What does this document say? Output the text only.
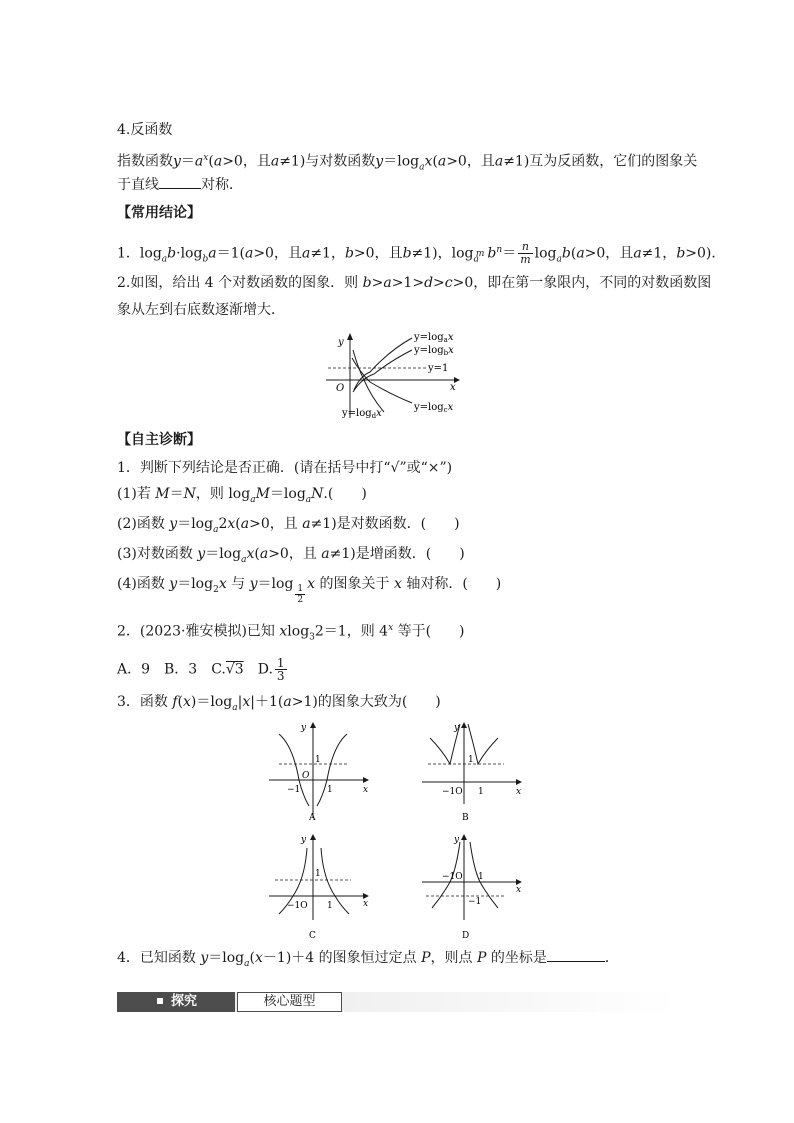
4.反函数
指数函数$y=a^x(a>0$，且a≠1)与对数函数$y=\log_ax(a>0$，且a≠1)互为反函数，它们的图象关
于直线	对称．
【常用结论】
1．$\log_ab\cdot\log_ba=1(a>0$，且a≠1，b>0，且b≠1)，$\log_a^m b^n= \frac{n}{m} \log_ab(a>0$，且a≠1，b>0)．
2.如图，给出 4 个对数函数的图象．则 b>a>1>d>c>0，即在第一象限内，不同的对数函数图
象从左到右底数逐渐增大．
y
x
O
$y=\log_ax$
$y=\log_bx$
y=1
$y=\log_cx$
$y=\log_dx$
【自主诊断】
1．判断下列结论是否正确．(请在括号中打“√”或“×”)
(1)若 M＝N，则 $\log_aM=\log_aN$.(　　)
(2)函数 $y=\log_a2x(a>0$，且 a≠1)是对数函数．(　　)
(3)对数函数 $y=\log_ax(a>0$，且 a≠1)是增函数．(　　)
(4)函数 $y=\log_2x$ 与 $y=\log \frac{1}{2}$ x 的图象关于 x 轴对称．(　　)
2．(2023·雅安模拟)已知 xlog$_3$2＝1，则 4$^x$ 等于(　　)
A．9　B．3　C.√3　D. $\frac{1}{3}$
3．函数 $f(x)=\log_a|x|+1(a>1)$的图象大致为(　　)
y
x
1
O
−1	1
A
y
x
1
−1O 1
B
y
x
1
−1O 1
C
y
x
−1O 1
−1
D
4．已知函数 $y=\log_a(x-1)+4$ 的图象恒过定点 P，则点 P 的坐标是	．
探究	核心题型
